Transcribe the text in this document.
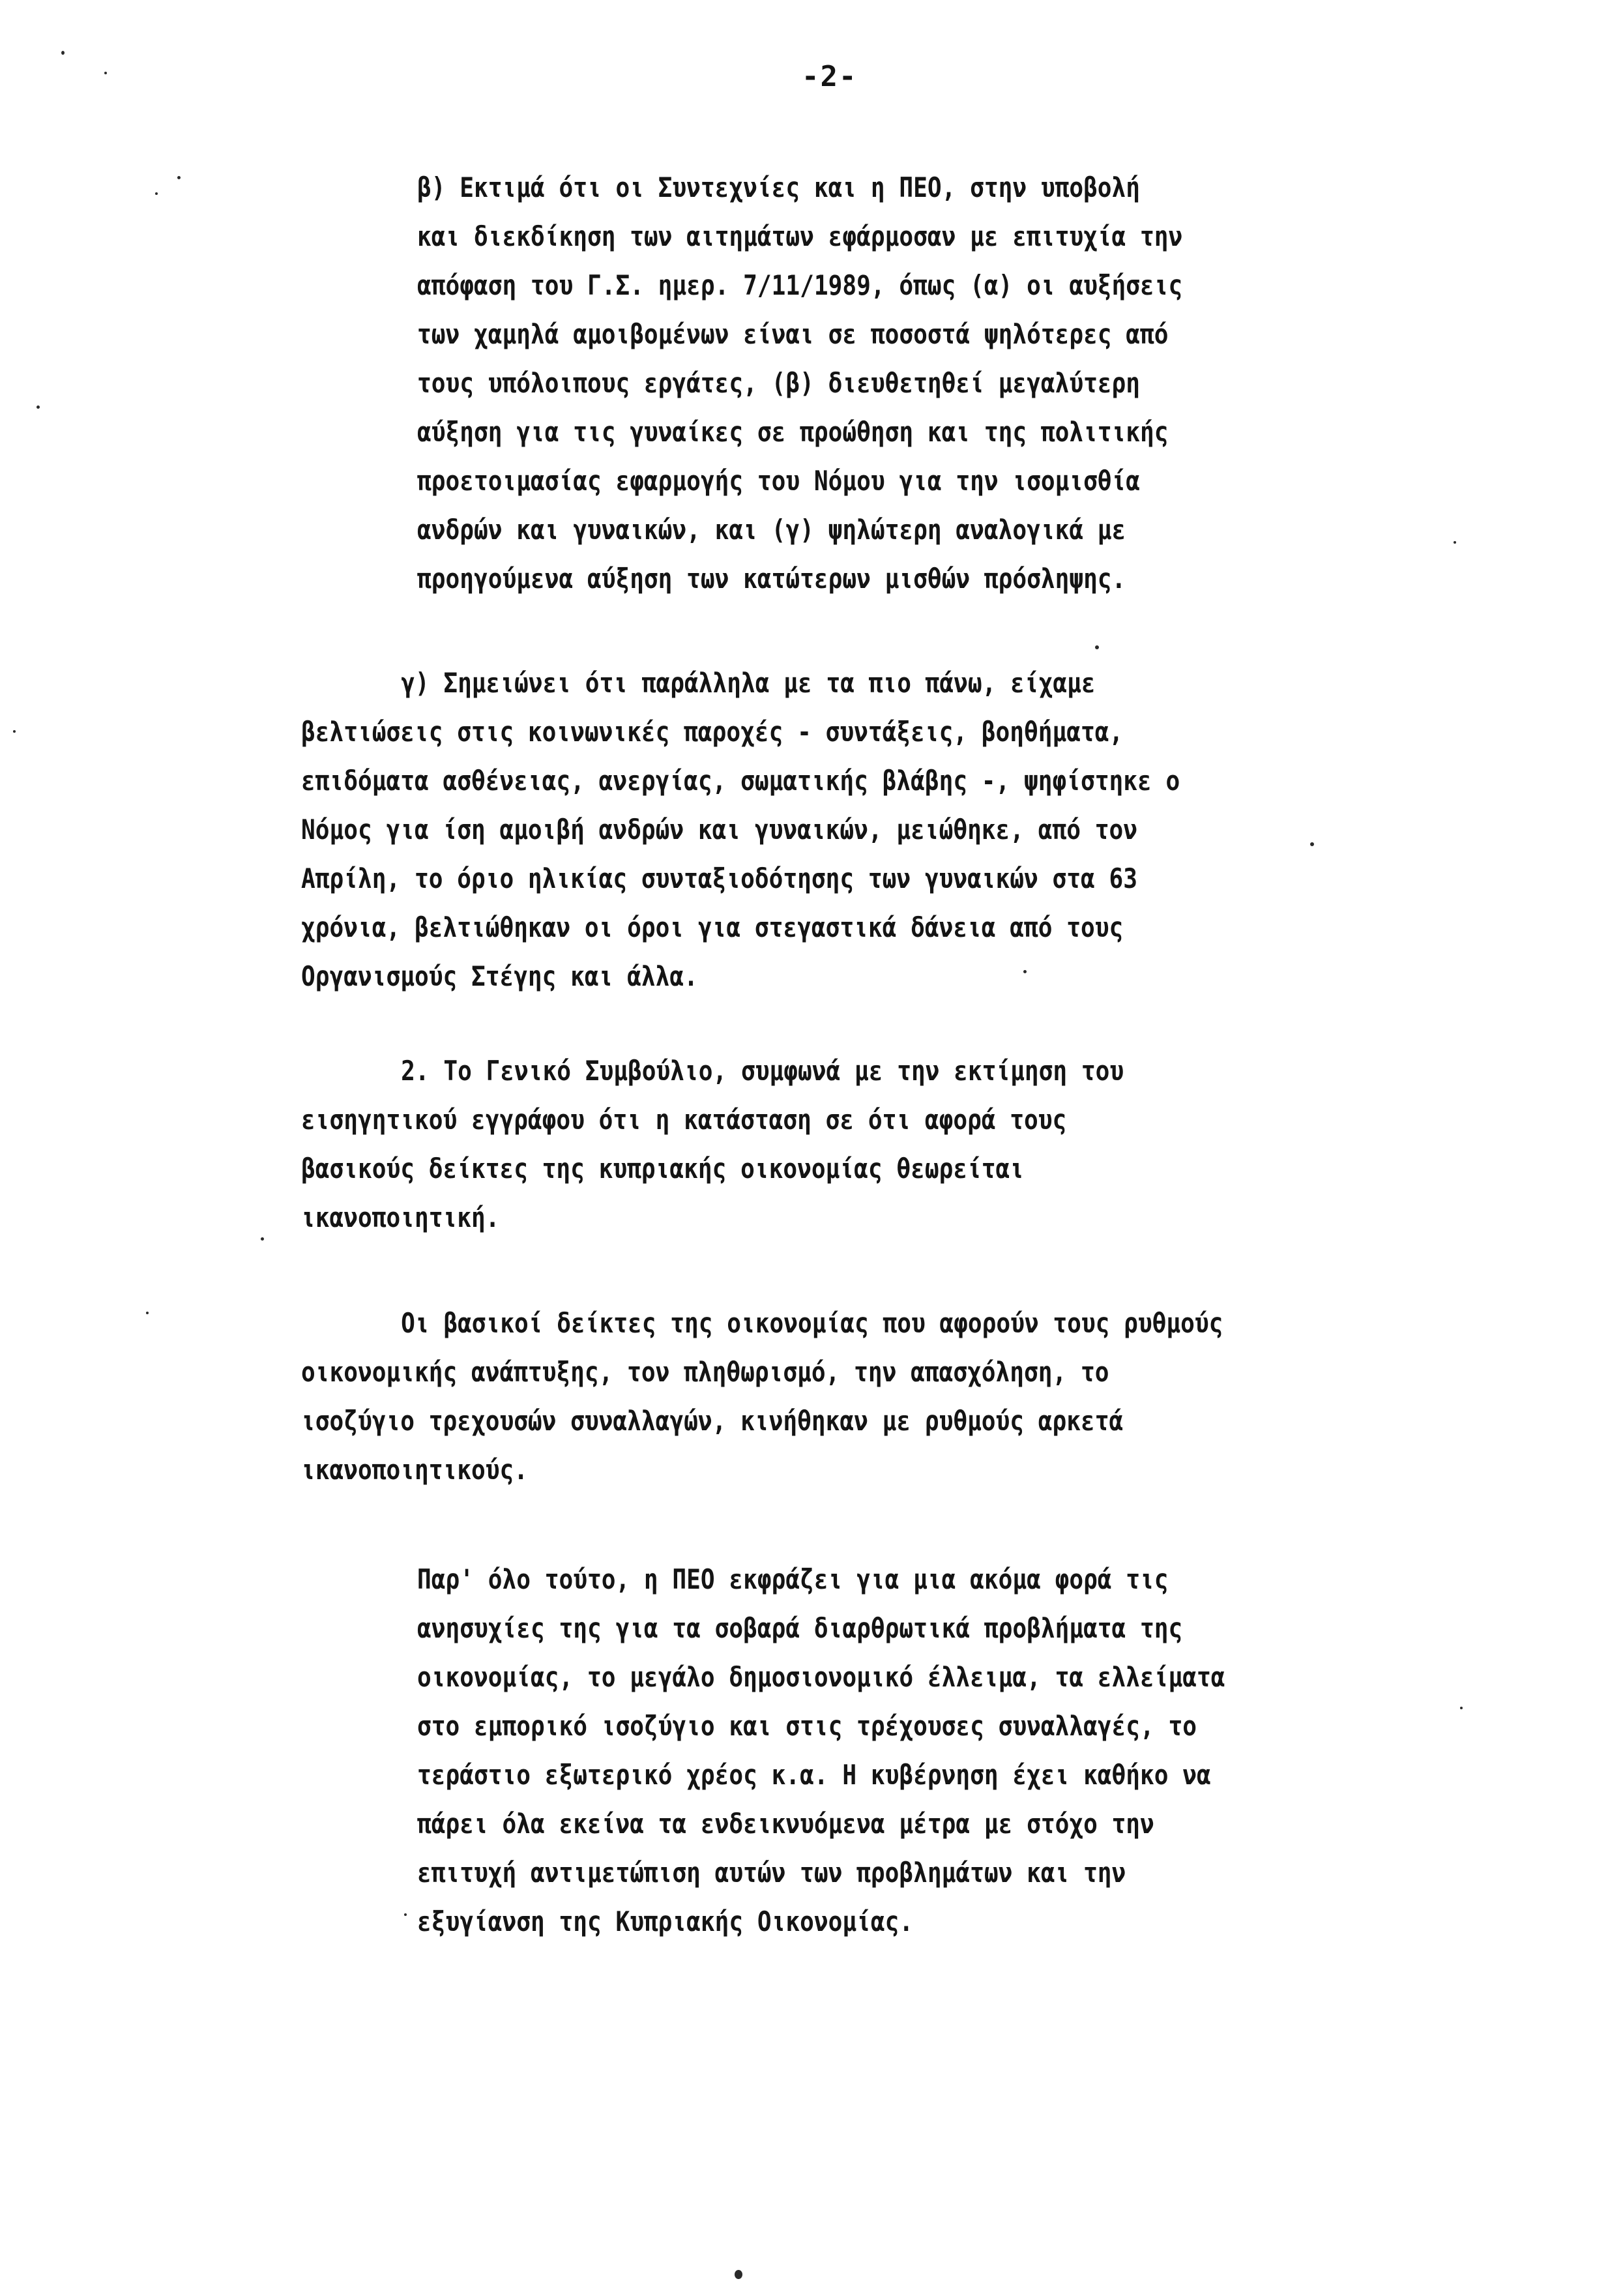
-2-
β) Εκτιμά ότι οι Συντεχνίες και η ΠΕΟ, στην υποβολή
και διεκδίκηση των αιτημάτων εφάρμοσαν με επιτυχία την
απόφαση του Γ.Σ. ημερ. 7/11/1989, όπως (α) οι αυξήσεις
των χαμηλά αμοιβομένων είναι σε ποσοστά ψηλότερες από
τους υπόλοιπους εργάτες, (β) διευθετηθεί μεγαλύτερη
αύξηση για τις γυναίκες σε προώθηση και της πολιτικής
προετοιμασίας εφαρμογής του Νόμου για την ισομισθία
ανδρών και γυναικών, και (γ) ψηλώτερη αναλογικά με
προηγούμενα αύξηση των κατώτερων μισθών πρόσληψης.
γ) Σημειώνει ότι παράλληλα με τα πιο πάνω, είχαμε
βελτιώσεις στις κοινωνικές παροχές - συντάξεις, βοηθήματα,
επιδόματα ασθένειας, ανεργίας, σωματικής βλάβης -, ψηφίστηκε ο
Νόμος για ίση αμοιβή ανδρών και γυναικών, μειώθηκε, από τον
Απρίλη, το όριο ηλικίας συνταξιοδότησης των γυναικών στα 63
χρόνια, βελτιώθηκαν οι όροι για στεγαστικά δάνεια από τους
Οργανισμούς Στέγης και άλλα.
2. Το Γενικό Συμβούλιο, συμφωνά με την εκτίμηση του
εισηγητικού εγγράφου ότι η κατάσταση σε ότι αφορά τους
βασικούς δείκτες της κυπριακής οικονομίας θεωρείται
ικανοποιητική.
Οι βασικοί δείκτες της οικονομίας που αφορούν τους ρυθμούς
οικονομικής ανάπτυξης, τον πληθωρισμό, την απασχόληση, το
ισοζύγιο τρεχουσών συναλλαγών, κινήθηκαν με ρυθμούς αρκετά
ικανοποιητικούς.
Παρ' όλο τούτο, η ΠΕΟ εκφράζει για μια ακόμα φορά τις
ανησυχίες της για τα σοβαρά διαρθρωτικά προβλήματα της
οικονομίας, το μεγάλο δημοσιονομικό έλλειμα, τα ελλείματα
στο εμπορικό ισοζύγιο και στις τρέχουσες συναλλαγές, το
τεράστιο εξωτερικό χρέος κ.α. Η κυβέρνηση έχει καθήκο να
πάρει όλα εκείνα τα ενδεικνυόμενα μέτρα με στόχο την
επιτυχή αντιμετώπιση αυτών των προβλημάτων και την
εξυγίανση της Κυπριακής Οικονομίας.
